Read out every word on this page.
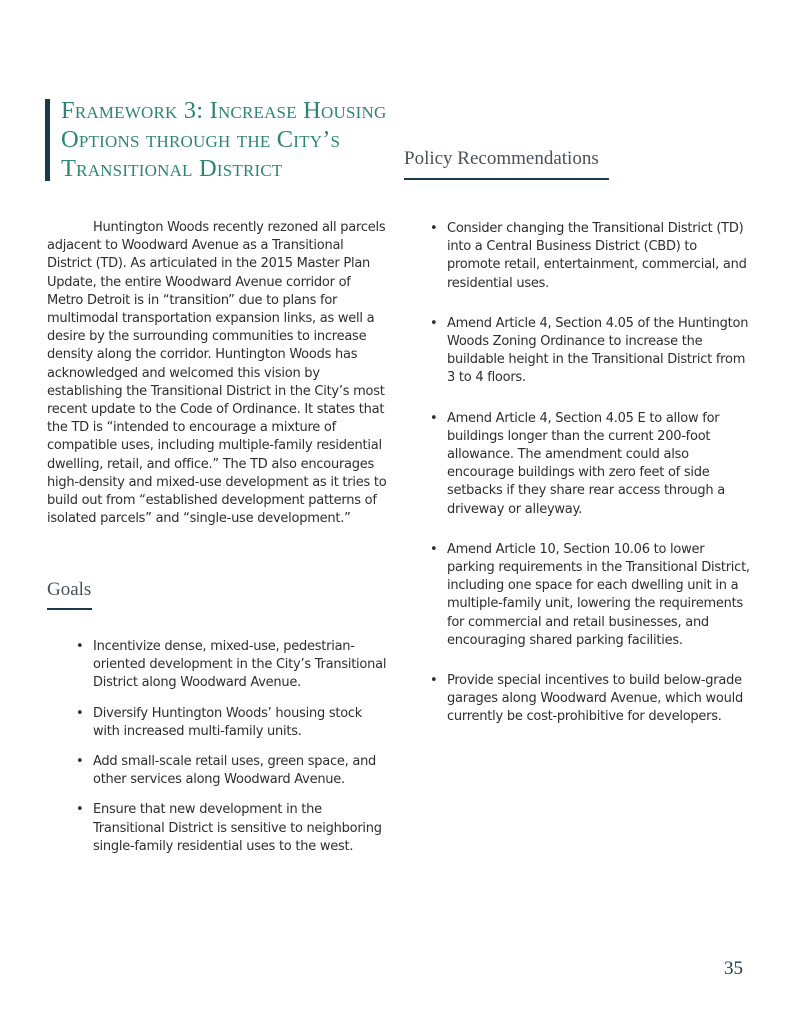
Framework 3: Increase Housing Options through the City’s Transitional District	Policy Recommendations

Huntington Woods recently rezoned all parcels adjacent to Woodward Avenue as a Transitional District (TD). As articulated in the 2015 Master Plan Update, the entire Woodward Avenue corridor of Metro Detroit is in “transition” due to plans for multimodal transportation expansion links, as well a desire by the surrounding communities to increase density along the corridor. Huntington Woods has acknowledged and welcomed this vision by establishing the Transitional District in the City’s most recent update to the Code of Ordinance. It states that the TD is “intended to encourage a mixture of compatible uses, including multiple-family residential dwelling, retail, and office.” The TD also encourages high-density and mixed-use development as it tries to build out from “established development patterns of isolated parcels” and “single-use development.”

Goals
• Incentivize dense, mixed-use, pedestrian-oriented development in the City’s Transitional District along Woodward Avenue.
• Diversify Huntington Woods’ housing stock with increased multi-family units.
• Add small-scale retail uses, green space, and other services along Woodward Avenue.
• Ensure that new development in the Transitional District is sensitive to neighboring single-family residential uses to the west.
• Consider changing the Transitional District (TD) into a Central Business District (CBD) to promote retail, entertainment, commercial, and residential uses.
• Amend Article 4, Section 4.05 of the Huntington Woods Zoning Ordinance to increase the buildable height in the Transitional District from 3 to 4 floors.
• Amend Article 4, Section 4.05 E to allow for buildings longer than the current 200-foot allowance. The amendment could also encourage buildings with zero feet of side setbacks if they share rear access through a driveway or alleyway.
• Amend Article 10, Section 10.06 to lower parking requirements in the Transitional District, including one space for each dwelling unit in a multiple-family unit, lowering the requirements for commercial and retail businesses, and encouraging shared parking facilities.
• Provide special incentives to build below-grade garages along Woodward Avenue, which would currently be cost-prohibitive for developers.

35
